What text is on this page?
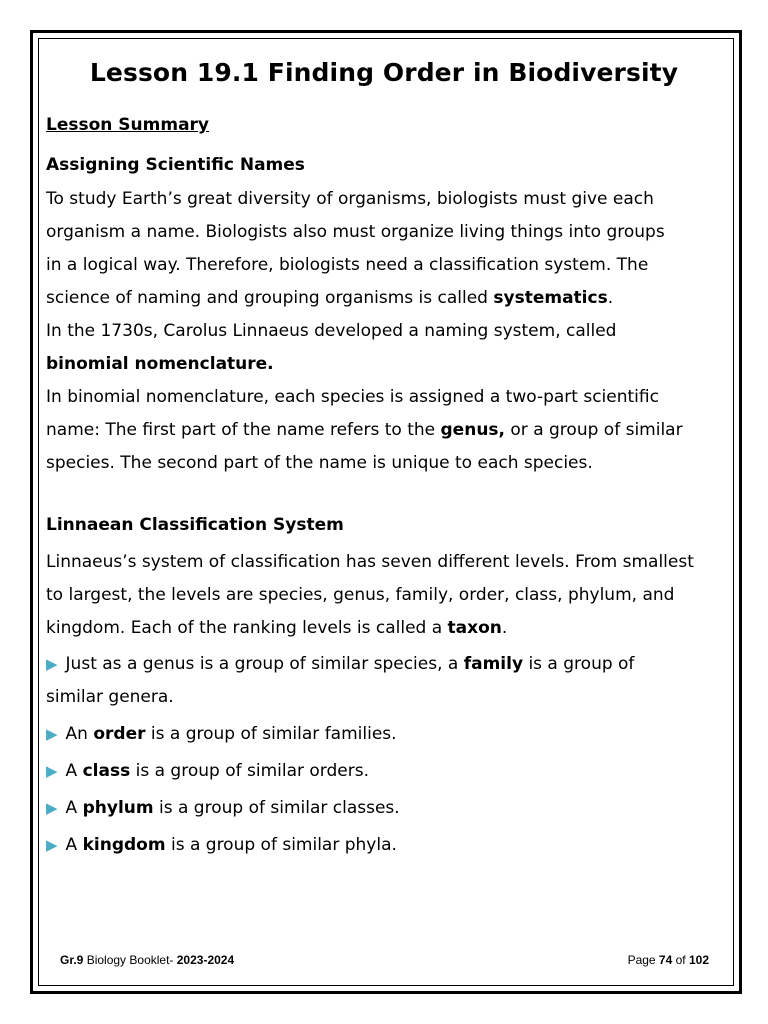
Lesson 19.1 Finding Order in Biodiversity
Lesson Summary
Assigning Scientific Names
To study Earth’s great diversity of organisms, biologists must give each
organism a name. Biologists also must organize living things into groups
in a logical way. Therefore, biologists need a classification system. The
science of naming and grouping organisms is called systematics.
In the 1730s, Carolus Linnaeus developed a naming system, called
binomial nomenclature.
In binomial nomenclature, each species is assigned a two-part scientific
name: The first part of the name refers to the genus, or a group of similar
species. The second part of the name is unique to each species.
Linnaean Classification System
Linnaeus’s system of classification has seven different levels. From smallest
to largest, the levels are species, genus, family, order, class, phylum, and
kingdom. Each of the ranking levels is called a taxon.
▶ Just as a genus is a group of similar species, a family is a group of
similar genera.
▶ An order is a group of similar families.
▶ A class is a group of similar orders.
▶ A phylum is a group of similar classes.
▶ A kingdom is a group of similar phyla.
Gr.9 Biology Booklet- 2023-2024	Page 74 of 102
